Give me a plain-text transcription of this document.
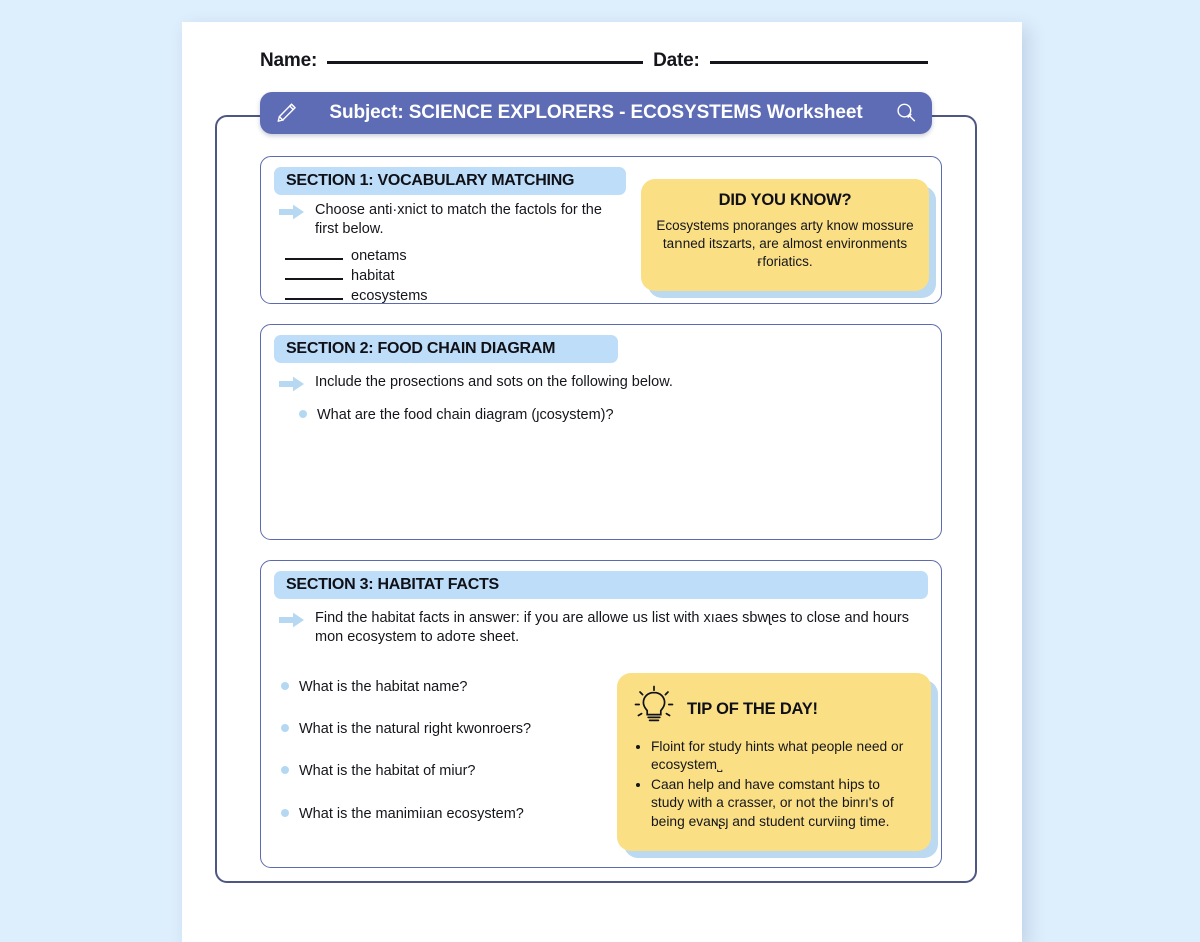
Name:	Date:
Subject: SCIENCE EXPLORERS - ECOSYSTEMS Worksheet
SECTION 1: VOCABULARY MATCHING
Choose anti·xnict to match the factols for the first below.
onetams
habitat
ecosystems
DID YOU KNOW?
Ecosystems pnoranges arty know mossure taոned itszarts, are almost environments ғforiatics.
SECTION 2: FOOD CHAIN DIAGRAM
Include the prosections and sots on the following below.
What are the food chain diagram (ȷcosystem)?
SECTION 3: HABITAT FACTS
Find the habitat facts in answer: if you are allowe us list with xıaes sbwʅes to close and hours mon ecosystem to adoтe sheet.
What is the habitat name?
What is the natural right kwonroers?
What is the habitat of miur?
What is the manimiıan ecosystem?
TIP OF THE DAY!
• Floint for study hints what people need or ecosystem˽
• Caan help and have comstant հips to study with a crasser, or not the binrı's of being evaɴʂȷ and student curviing time.
